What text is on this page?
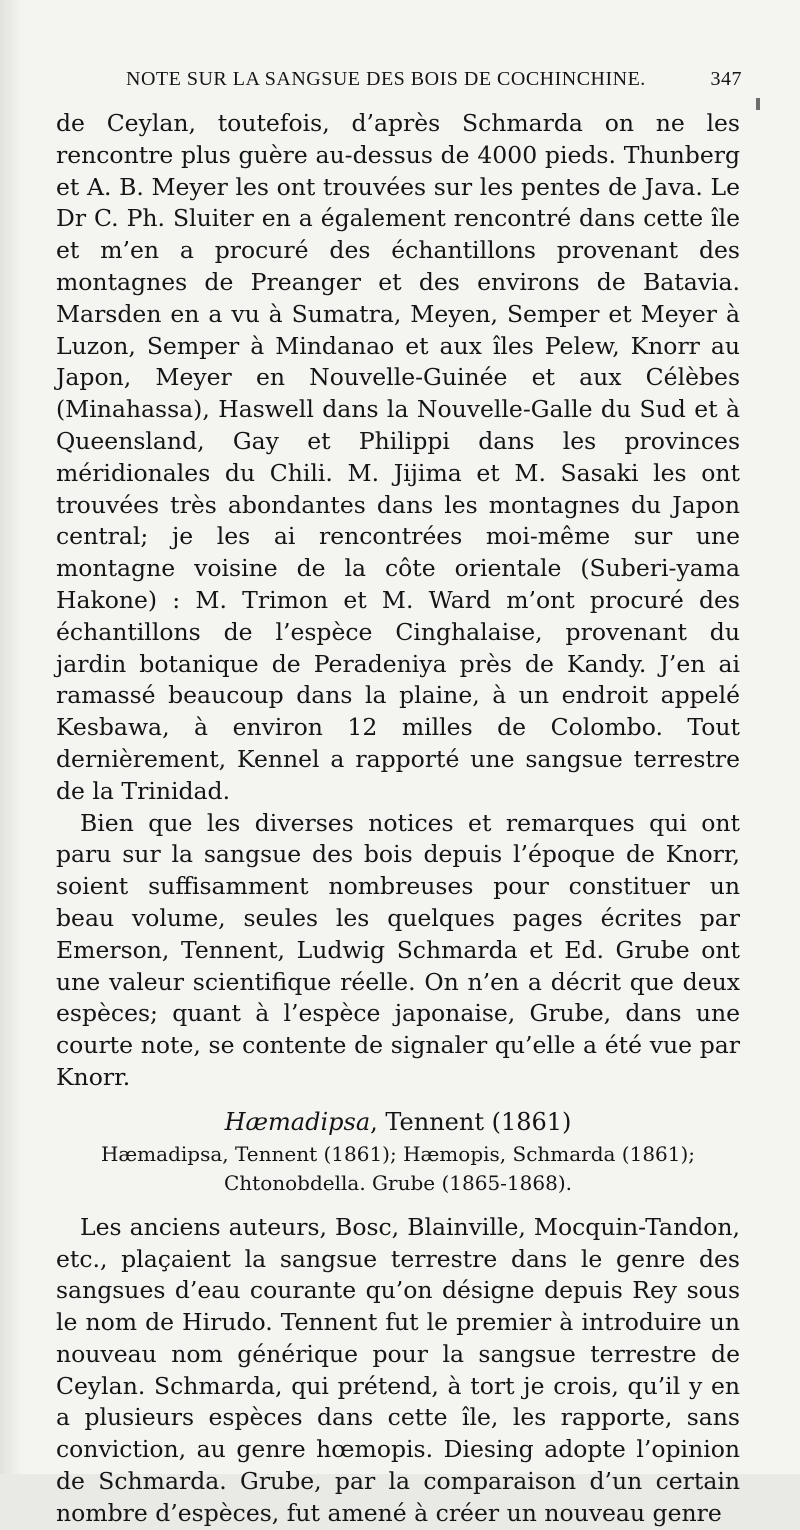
NOTE SUR LA SANGSUE DES BOIS DE COCHINCHINE.	347

de Ceylan, toutefois, d’après Schmarda on ne les rencontre plus guère au-dessus de 4000 pieds. Thunberg et A. B. Meyer les ont trouvées sur les pentes de Java. Le Dr C. Ph. Sluiter en a également rencontré dans cette île et m’en a procuré des échantillons provenant des montagnes de Preanger et des environs de Batavia. Marsden en a vu à Sumatra, Meyen, Semper et Meyer à Luzon, Semper à Mindanao et aux îles Pelew, Knorr au Japon, Meyer en Nouvelle-Guinée et aux Célèbes (Minahassa), Haswell dans la Nouvelle-Galle du Sud et à Queensland, Gay et Philippi dans les provinces méridionales du Chili. M. Jijima et M. Sasaki les ont trouvées très abondantes dans les montagnes du Japon central; je les ai rencontrées moi-même sur une montagne voisine de la côte orientale (Suberi-yama Hakone) : M. Trimon et M. Ward m’ont procuré des échantillons de l’espèce Cinghalaise, provenant du jardin botanique de Peradeniya près de Kandy. J’en ai ramassé beaucoup dans la plaine, à un endroit appelé Kesbawa, à environ 12 milles de Colombo. Tout dernièrement, Kennel a rapporté une sangsue terrestre de la Trinidad.

Bien que les diverses notices et remarques qui ont paru sur la sangsue des bois depuis l’époque de Knorr, soient suffisamment nombreuses pour constituer un beau volume, seules les quelques pages écrites par Emerson, Tennent, Ludwig Schmarda et Ed. Grube ont une valeur scientifique réelle. On n’en a décrit que deux espèces; quant à l’espèce japonaise, Grube, dans une courte note, se contente de signaler qu’elle a été vue par Knorr.

Hæmadipsa, Tennent (1861)

Hæmadipsa, Tennent (1861); Hæmopis, Schmarda (1861);

Chtonobdella. Grube (1865-1868).

Les anciens auteurs, Bosc, Blainville, Mocquin-Tandon, etc., plaçaient la sangsue terrestre dans le genre des sangsues d’eau courante qu’on désigne depuis Rey sous le nom de Hirudo. Tennent fut le premier à introduire un nouveau nom générique pour la sangsue terrestre de Ceylan. Schmarda, qui prétend, à tort je crois, qu’il y en a plusieurs espèces dans cette île, les rapporte, sans conviction, au genre hœmopis. Diesing adopte l’opinion de Schmarda. Grube, par la comparaison d’un certain nombre d’espèces, fut amené à créer un nouveau genre
